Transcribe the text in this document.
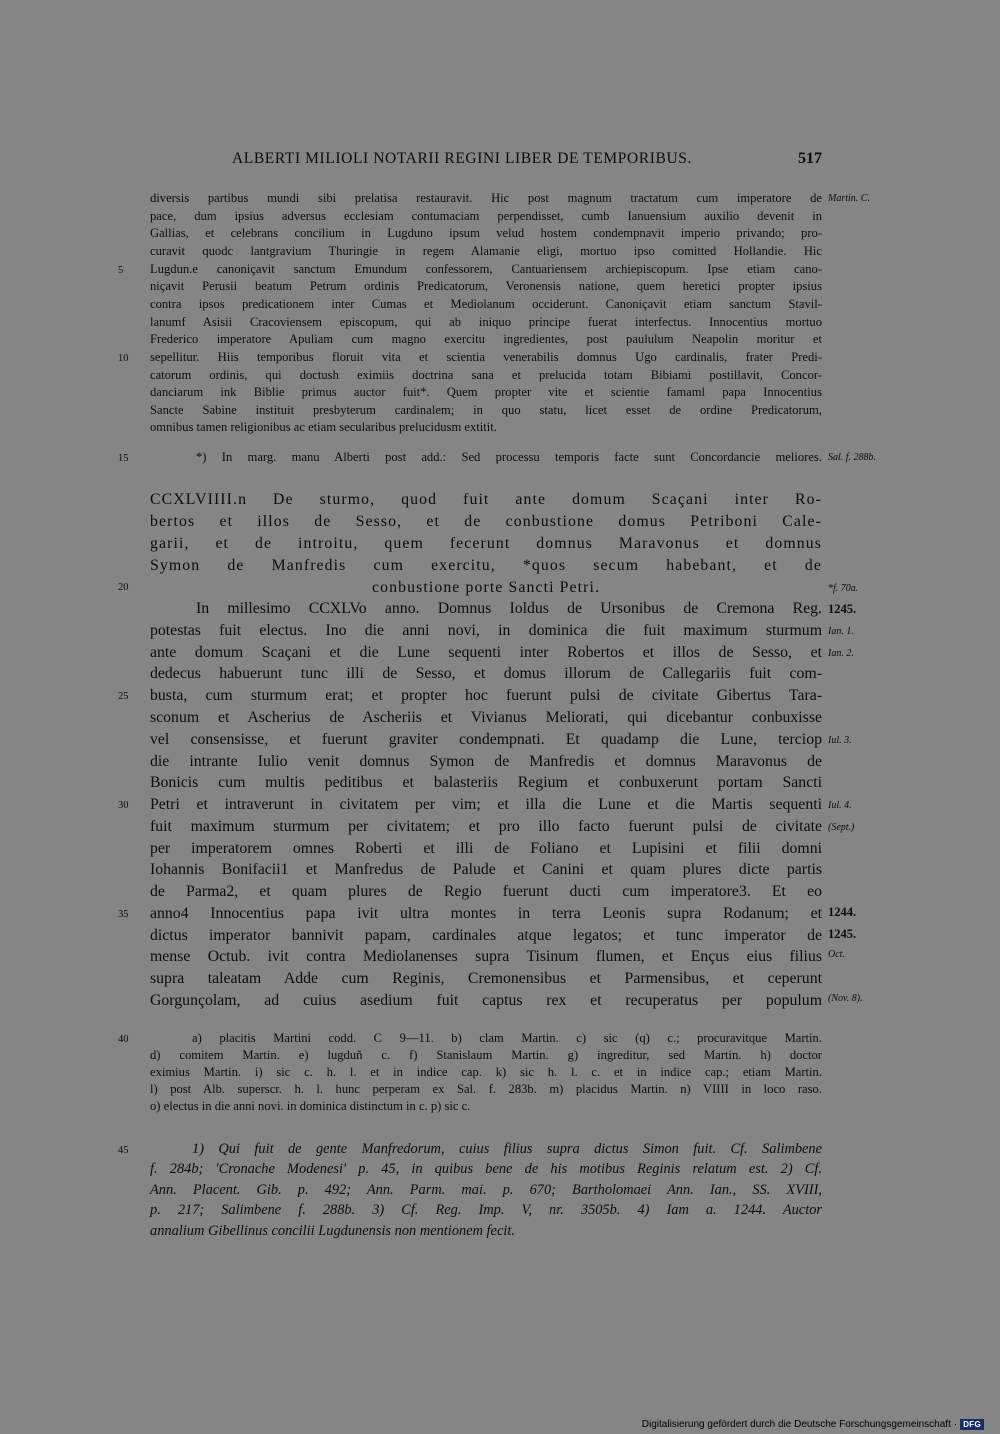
ALBERTI MILIOLI NOTARII REGINI LIBER DE TEMPORIBUS.	517
diversis partibus mundi sibi prelatisa restauravit. Hic post magnum tractatum cum imperatore de
pace, dum ipsius adversus ecclesiam contumaciam perpendisset, cumb Ianuensium auxilio devenit in
Gallias, et celebrans concilium in Lugduno ipsum velud hostem condempnavit imperio privando; pro-
curavit quodc lantgravium Thuringie in regem Alamanie eligi, mortuo ipso comitted Hollandie. Hic
Lugdun.e canoniçavit sanctum Emundum confessorem, Cantuariensem archiepiscopum. Ipse etiam cano-
niçavit Perusii beatum Petrum ordinis Predicatorum, Veronensis natione, quem heretici propter ipsius
contra ipsos predicationem inter Cumas et Mediolanum occiderunt. Canoniçavit etiam sanctum Stavil-
lanumf Asisii Cracoviensem episcopum, qui ab iniquo principe fuerat interfectus. Innocentius mortuo
Frederico imperatore Apuliam cum magno exercitu ingredientes, post paululum Neapolin moritur et
sepellitur. Hiis temporibus floruit vita et scientia venerabilis domnus Ugo cardinalis, frater Predi-
catorum ordinis, qui doctush eximiis doctrina sana et prelucida totam Bibiami postillavit, Concor-
danciarum ink Biblie primus auctor fuit*. Quem propter vite et scientie famaml papa Innocentius
Sancte Sabine instituit presbyterum cardinalem; in quo statu, licet esset de ordine Predicatorum,
omnibus tamen religionibus ac etiam secularibus prelucidusm extitit.
*) In marg. manu Alberti post add.: Sed processu temporis facte sunt Concordancie meliores.
CCXLVIIII.n De sturmo, quod fuit ante domum Scaçani inter Ro-
bertos et illos de Sesso, et de conbustione domus Petriboni Cale-
garii, et de introitu, quem fecerunt domnus Maravonus et domnus
Symon de Manfredis cum exercitu, *quos secum habebant, et de
conbustione porte Sancti Petri.
In millesimo CCXLVo anno. Domnus Ioldus de Ursonibus de Cremona Reg.
potestas fuit electus. Ino die anni novi, in dominica die fuit maximum sturmum
ante domum Scaçani et die Lune sequenti inter Robertos et illos de Sesso, et
dedecus habuerunt tunc illi de Sesso, et domus illorum de Callegariis fuit com-
busta, cum sturmum erat; et propter hoc fuerunt pulsi de civitate Gibertus Tara-
sconum et Ascherius de Ascheriis et Vivianus Meliorati, qui dicebantur conbuxisse
vel consensisse, et fuerunt graviter condempnati. Et quadamp die Lune, terciop
die intrante Iulio venit domnus Symon de Manfredis et domnus Maravonus de
Bonicis cum multis peditibus et balasteriis Regium et conbuxerunt portam Sancti
Petri et intraverunt in civitatem per vim; et illa die Lune et die Martis sequenti
fuit maximum sturmum per civitatem; et pro illo facto fuerunt pulsi de civitate
per imperatorem omnes Roberti et illi de Foliano et Lupisini et filii domni
Iohannis Bonifacii1 et Manfredus de Palude et Canini et quam plures dicte partis
de Parma2, et quam plures de Regio fuerunt ducti cum imperatore3. Et eo
anno4 Innocentius papa ivit ultra montes in terra Leonis supra Rodanum; et
dictus imperator bannivit papam, cardinales atque legatos; et tunc imperator de
mense Octub. ivit contra Mediolanenses supra Tisinum flumen, et Ençus eius filius
supra taleatam Adde cum Reginis, Cremonensibus et Parmensibus, et ceperunt
Gorgunçolam, ad cuius asedium fuit captus rex et recuperatus per populum
a) placitis Martini codd. C 9—11. b) clam Martin. c) sic (q) c.; procuravitque Martin.
d) comitem Martin. e) lugduñ c. f) Stanislaum Martin. g) ingreditur, sed Martin. h) doctor
eximius Martin. i) sic c. h. l. et in indice cap. k) sic h. l. c. et in indice cap.; etiam Martin.
l) post Alb. superscr. h. l. hunc perperam ex Sal. f. 283b. m) placidus Martin. n) VIIII in loco raso.
o) electus in die anni novi. in dominica distinctum in c. p) sic c.
1) Qui fuit de gente Manfredorum, cuius filius supra dictus Simon fuit. Cf. Salimbene
f. 284b; 'Cronache Modenesi' p. 45, in quibus bene de his motibus Reginis relatum est. 2) Cf.
Ann. Placent. Gib. p. 492; Ann. Parm. mai. p. 670; Bartholomaei Ann. Ian., SS. XVIII,
p. 217; Salimbene f. 288b. 3) Cf. Reg. Imp. V, nr. 3505b. 4) Iam a. 1244. Auctor
annalium Gibellinus concilii Lugdunensis non mentionem fecit.
5
10
15
20
25
30
35
40
45
Martin. C.
Sal. f. 288b.
*f. 70a.
1245.
Ian. 1.
Ian. 2.
Iul. 3.
Iul. 4.
(Sept.)
1244.
1245.
Oct.
(Nov. 8).
Digitalisierung gefördert durch die Deutsche Forschungsgemeinschaft · DFG
